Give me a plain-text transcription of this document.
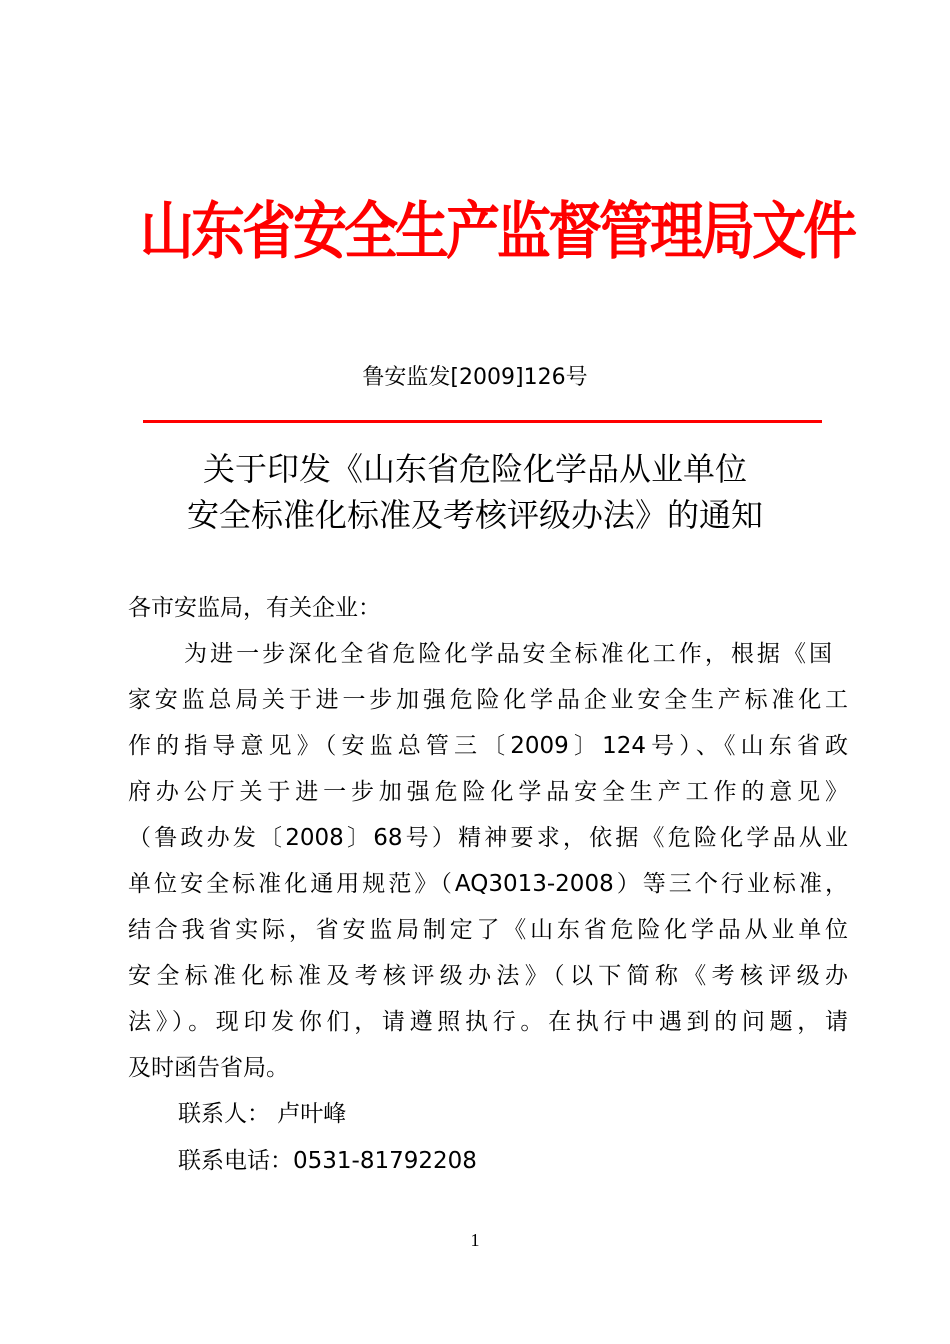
山东省安全生产监督管理局文件
鲁安监发[2009]126号
关于印发《山东省危险化学品从业单位
安全标准化标准及考核评级办法》的通知
各市安监局，有关企业：
为进一步深化全省危险化学品安全标准化工作，根据《国
家安监总局关于进一步加强危险化学品企业安全生产标准化工
作的指导意见》（安监总管三〔2009〕124号）、《山东省政
府办公厅关于进一步加强危险化学品安全生产工作的意见》
（鲁政办发〔2008〕68号）精神要求，依据《危险化学品从业
单位安全标准化通用规范》（AQ3013-2008）等三个行业标准，
结合我省实际，省安监局制定了《山东省危险化学品从业单位
安全标准化标准及考核评级办法》（以下简称《考核评级办
法》）。现印发你们，请遵照执行。在执行中遇到的问题，请
及时函告省局。
联系人： 卢叶峰
联系电话：0531-81792208
1
